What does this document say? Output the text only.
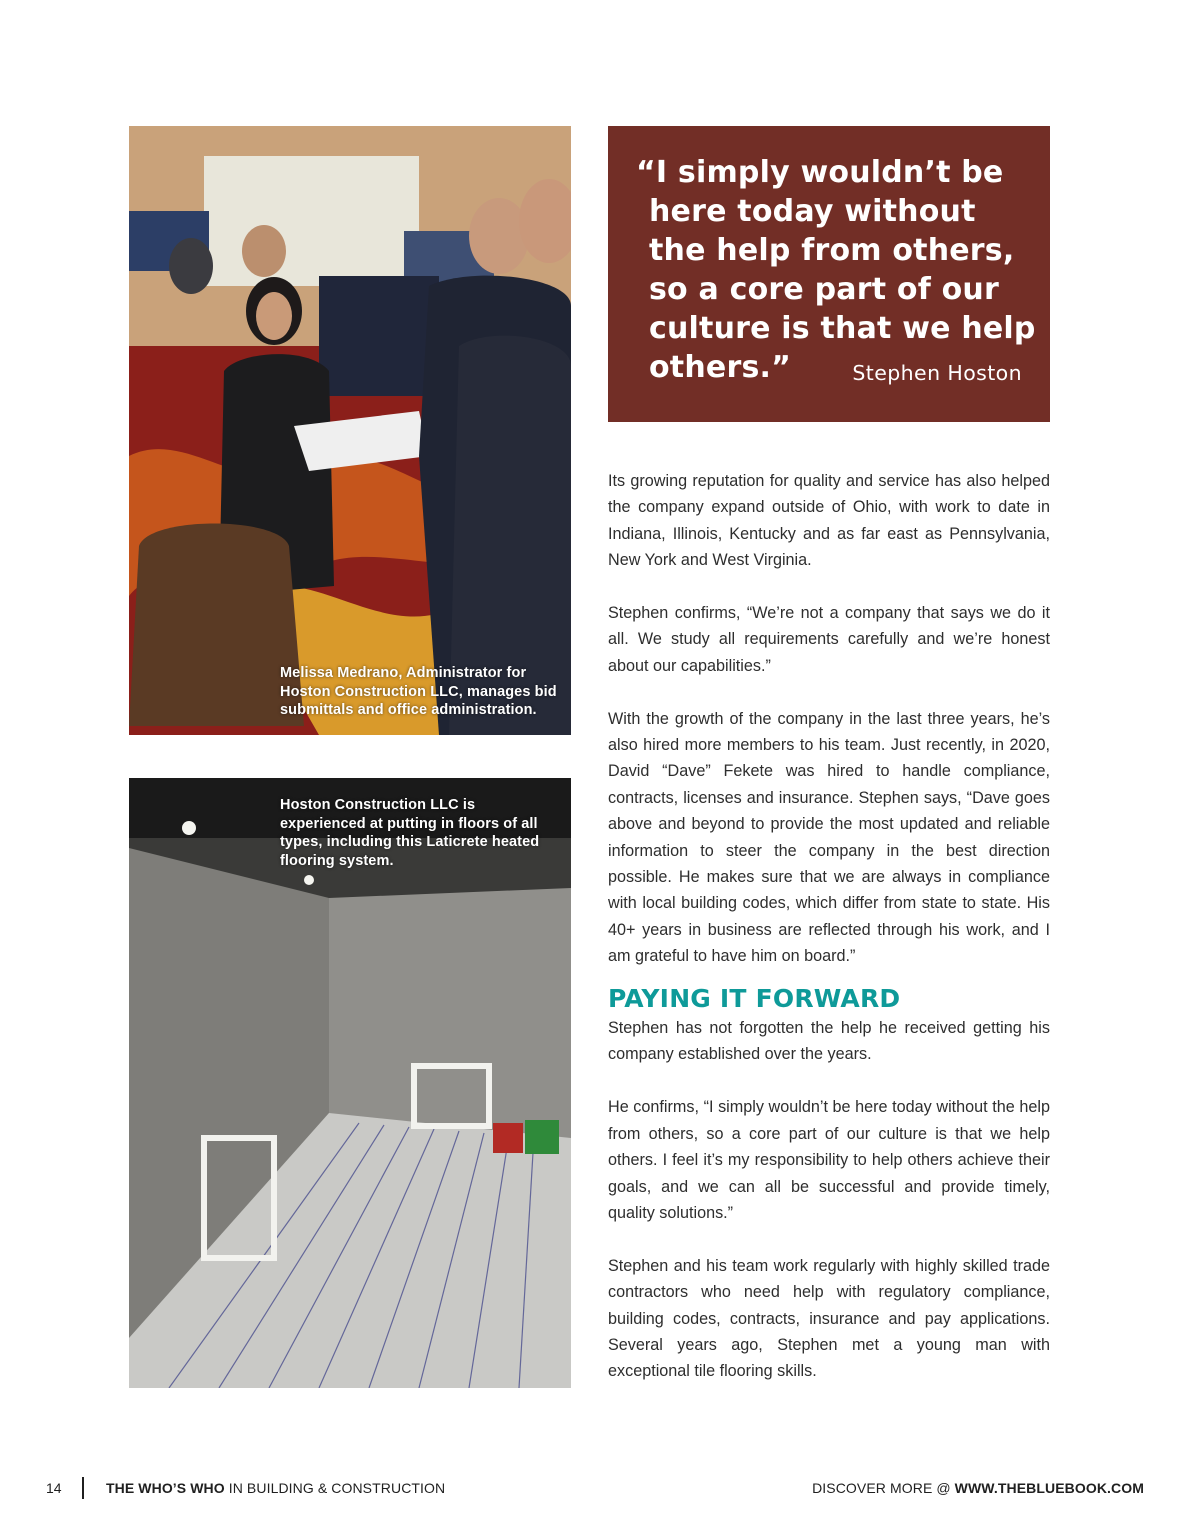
Melissa Medrano, Administrator for Hoston Construction LLC, manages bid submittals and office administration.
Hoston Construction LLC is experienced at putting in floors of all types, including this Laticrete heated flooring system.
“I simply wouldn’t be here today without the help from others, so a core part of our culture is that we help others.”	Stephen Hoston

Its growing reputation for quality and service has also helped the company expand outside of Ohio, with work to date in Indiana, Illinois, Kentucky and as far east as Pennsylvania, New York and West Virginia.

Stephen confirms, “We’re not a company that says we do it all. We study all requirements carefully and we’re honest about our capabilities.”

With the growth of the company in the last three years, he’s also hired more members to his team. Just recently, in 2020, David “Dave” Fekete was hired to handle compliance, contracts, licenses and insurance. Stephen says, “Dave goes above and beyond to provide the most updated and reliable information to steer the company in the best direction possible. He makes sure that we are always in compliance with local building codes, which differ from state to state. His 40+ years in business are reflected through his work, and I am grateful to have him on board.”

PAYING IT FORWARD

Stephen has not forgotten the help he received getting his company established over the years.

He confirms, “I simply wouldn’t be here today without the help from others, so a core part of our culture is that we help others. I feel it’s my responsibility to help others achieve their goals, and we can all be successful and provide timely, quality solutions.”

Stephen and his team work regularly with highly skilled trade contractors who need help with regulatory compliance, building codes, contracts, insurance and pay applications. Several years ago, Stephen met a young man with exceptional tile flooring skills.

14	THE WHO’S WHO IN BUILDING & CONSTRUCTION	DISCOVER MORE @ WWW.THEBLUEBOOK.COM
